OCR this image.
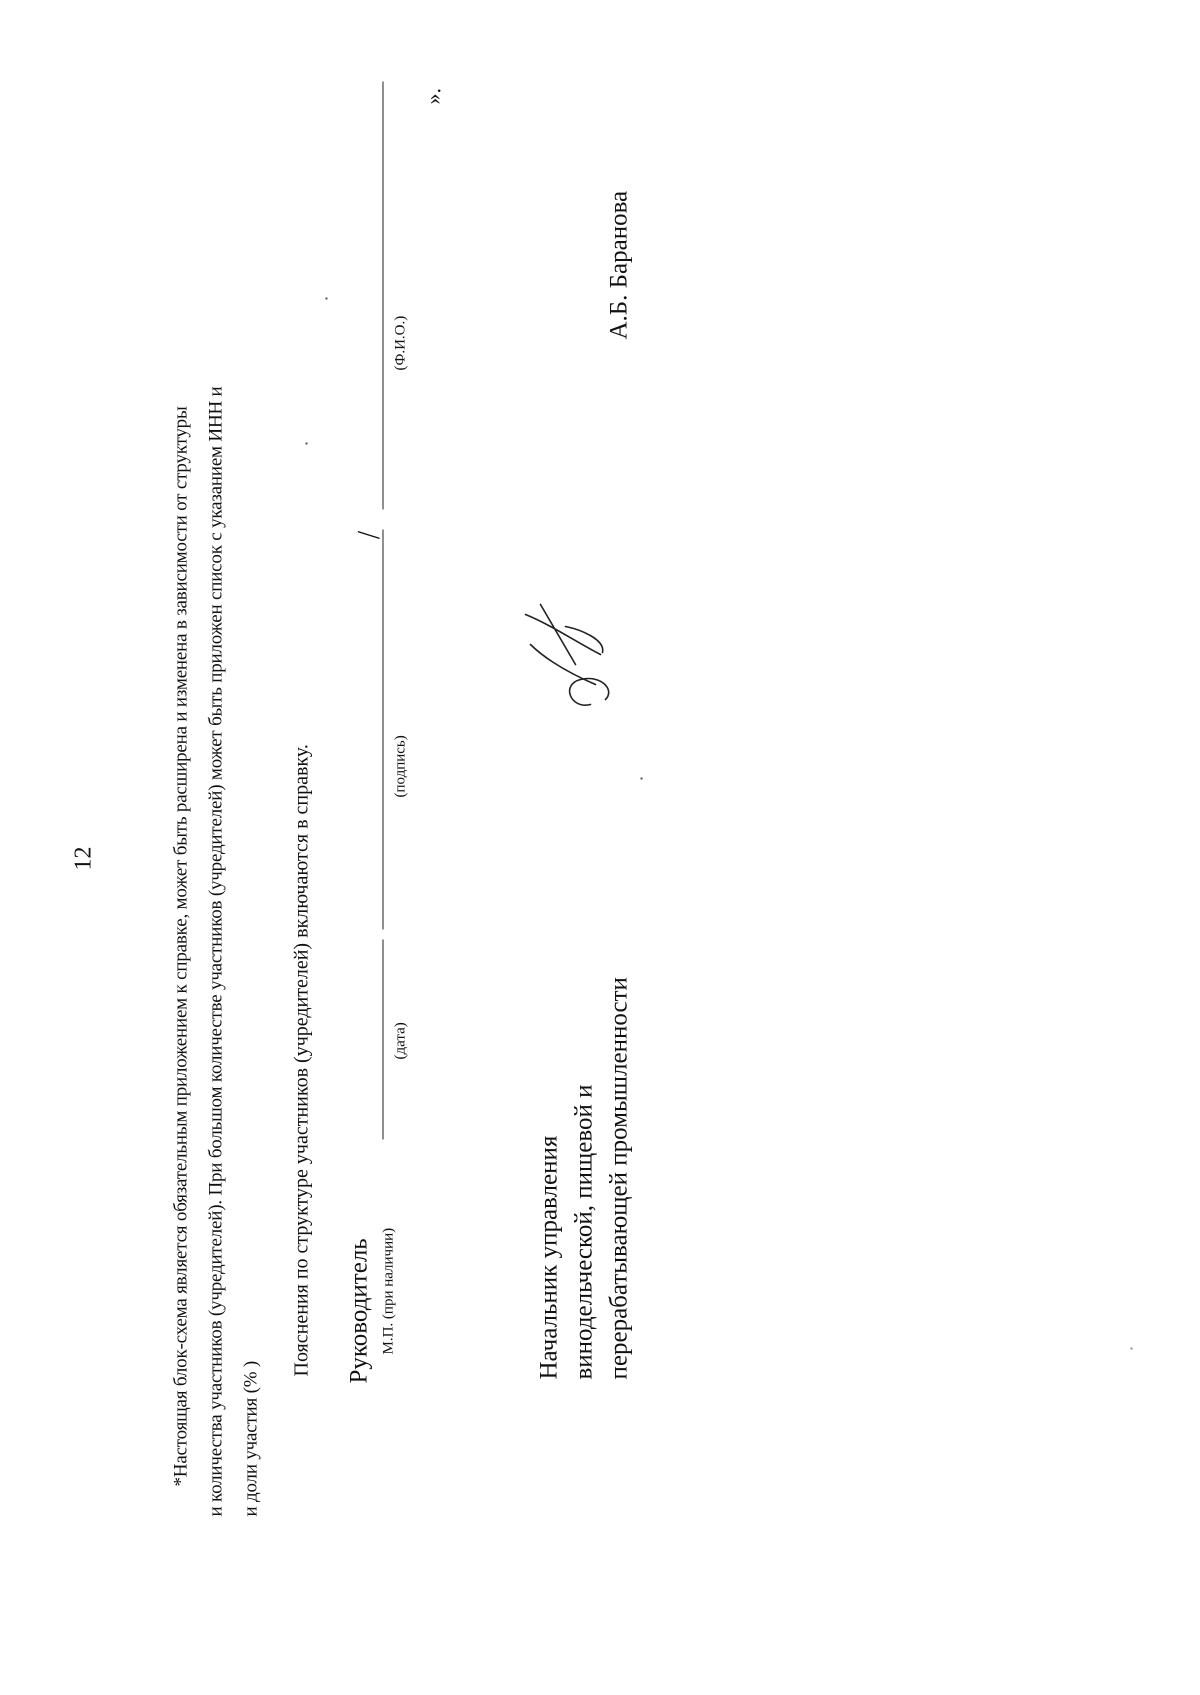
12	*Настоящая блок-схема является обязательным приложением к справке, может быть расширена и изменена в зависимости от структуры и количества участников (учредителей). При большом количестве участников (учредителей) может быть приложен список с указанием ИНН и и доли участия (% )
Пояснения по структуре участников (учредителей) включаются в справку. Руководитель М.П. (при наличии)
(дата)
(подпись)
(Ф.И.О.)
/
».
Начальник управления винодельческой, пищевой и перерабатывающей промышленности
А.Б. Баранова
